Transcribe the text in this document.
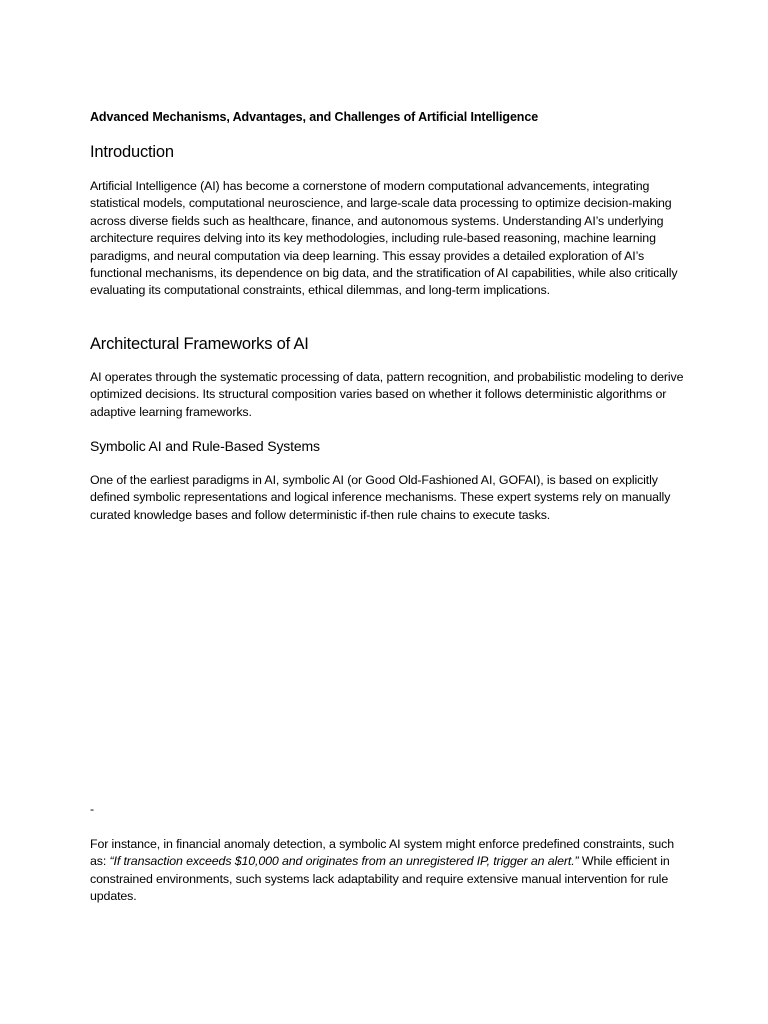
Advanced Mechanisms, Advantages, and Challenges of Artificial Intelligence
Introduction

Artificial Intelligence (AI) has become a cornerstone of modern computational advancements, integrating statistical models, computational neuroscience, and large-scale data processing to optimize decision-making across diverse fields such as healthcare, finance, and autonomous systems. Understanding AI’s underlying architecture requires delving into its key methodologies, including rule-based reasoning, machine learning paradigms, and neural computation via deep learning. This essay provides a detailed exploration of AI’s functional mechanisms, its dependence on big data, and the stratification of AI capabilities, while also critically evaluating its computational constraints, ethical dilemmas, and long-term implications.

Architectural Frameworks of AI

AI operates through the systematic processing of data, pattern recognition, and probabilistic modeling to derive optimized decisions. Its structural composition varies based on whether it follows deterministic algorithms or adaptive learning frameworks.

Symbolic AI and Rule-Based Systems

One of the earliest paradigms in AI, symbolic AI (or Good Old-Fashioned AI, GOFAI), is based on explicitly defined symbolic representations and logical inference mechanisms. These expert systems rely on manually curated knowledge bases and follow deterministic if-then rule chains to execute tasks.

-

For instance, in financial anomaly detection, a symbolic AI system might enforce predefined constraints, such as: “If transaction exceeds $10,000 and originates from an unregistered IP, trigger an alert.” While efficient in constrained environments, such systems lack adaptability and require extensive manual intervention for rule updates.
